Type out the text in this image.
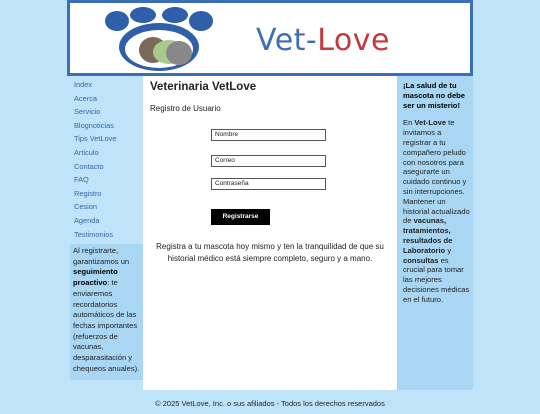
Vet-Love
Index
Acerca
Servicio
Blognoticias
Tips VetLove
Articulo
Contacto
FAQ
Registro
Cesion
Agenda
Testimonios
Al registrarte, garantizamos un seguimiento proactivo: te enviaremos recordatorios automáticos de las fechas importantes (refuerzos de vacunas, desparasitación y chequeos anuales).
Veterinaria VetLove
Registro de Usuario
Nombre
Correo
Contraseña
Registrarse
Registra a tu mascota hoy mismo y ten la tranquilidad de que su historial médico está siempre completo, seguro y a mano.

¡La salud de tu mascota no debe ser un misterio!

En Vet-Love te invitamos a registrar a tu compañero peludo con nosotros para asegurarte un cuidado continuo y sin interrupciones. Mantener un historial actualizado de vacunas, tratamientos, resultados de Laboratorio y consultas es crucial para tomar las mejores decisiones médicas en el futuro.

© 2025 VetLove, Inc. o sus afiliados - Todos los derechos reservados
